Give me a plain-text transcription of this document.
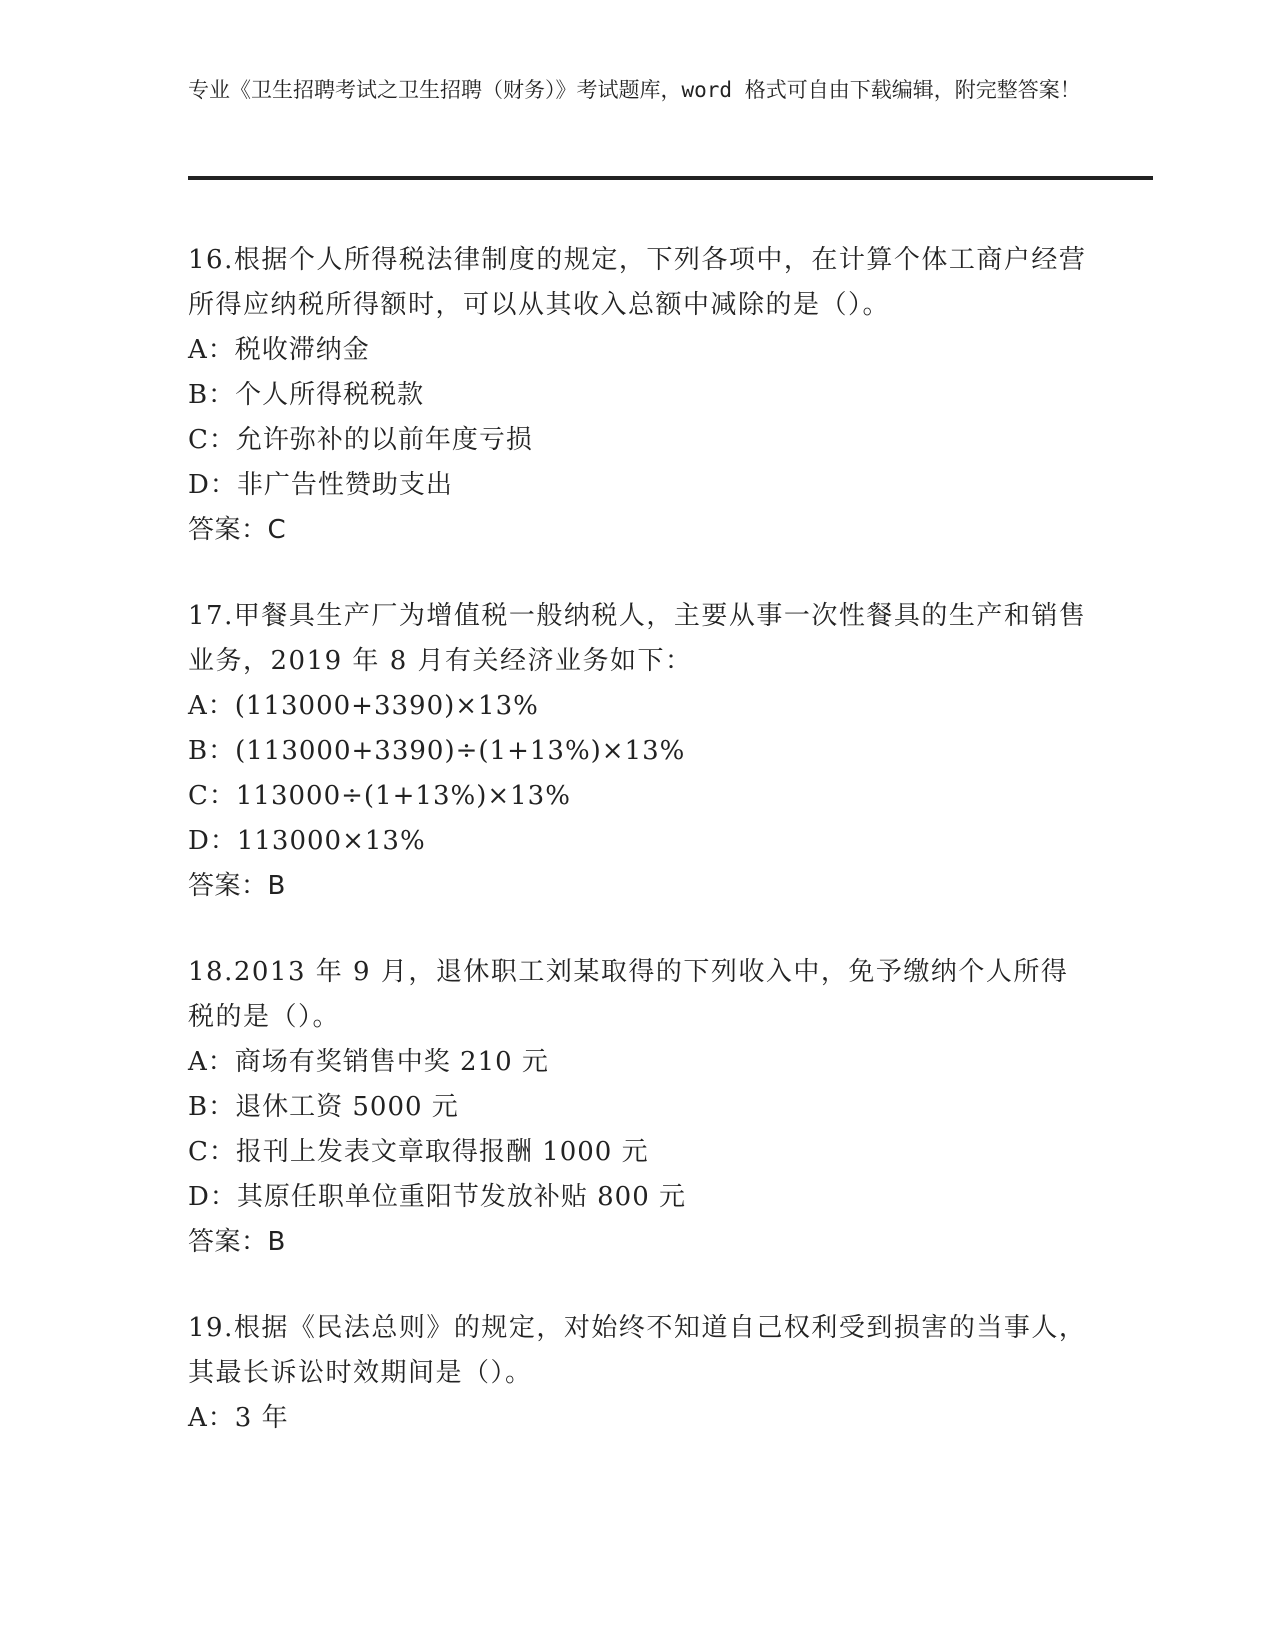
专业《卫生招聘考试之卫生招聘（财务）》考试题库，word 格式可自由下载编辑，附完整答案！

16.根据个人所得税法律制度的规定，下列各项中，在计算个体工商户经营所得应纳税所得额时，可以从其收入总额中减除的是（）。

A：税收滞纳金
B：个人所得税税款
C：允许弥补的以前年度亏损
D：非广告性赞助支出
答案：C

17.甲餐具生产厂为增值税一般纳税人，主要从事一次性餐具的生产和销售业务，2019 年 8 月有关经济业务如下：

A：(113000+3390)×13%
B：(113000+3390)÷(1+13%)×13%
C：113000÷(1+13%)×13%
D：113000×13%
答案：B

18.2013 年 9 月，退休职工刘某取得的下列收入中，免予缴纳个人所得税的是（）。

A：商场有奖销售中奖 210 元
B：退休工资 5000 元
C：报刊上发表文章取得报酬 1000 元
D：其原任职单位重阳节发放补贴 800 元
答案：B

19.根据《民法总则》的规定，对始终不知道自己权利受到损害的当事人，其最长诉讼时效期间是（）。

A：3 年
